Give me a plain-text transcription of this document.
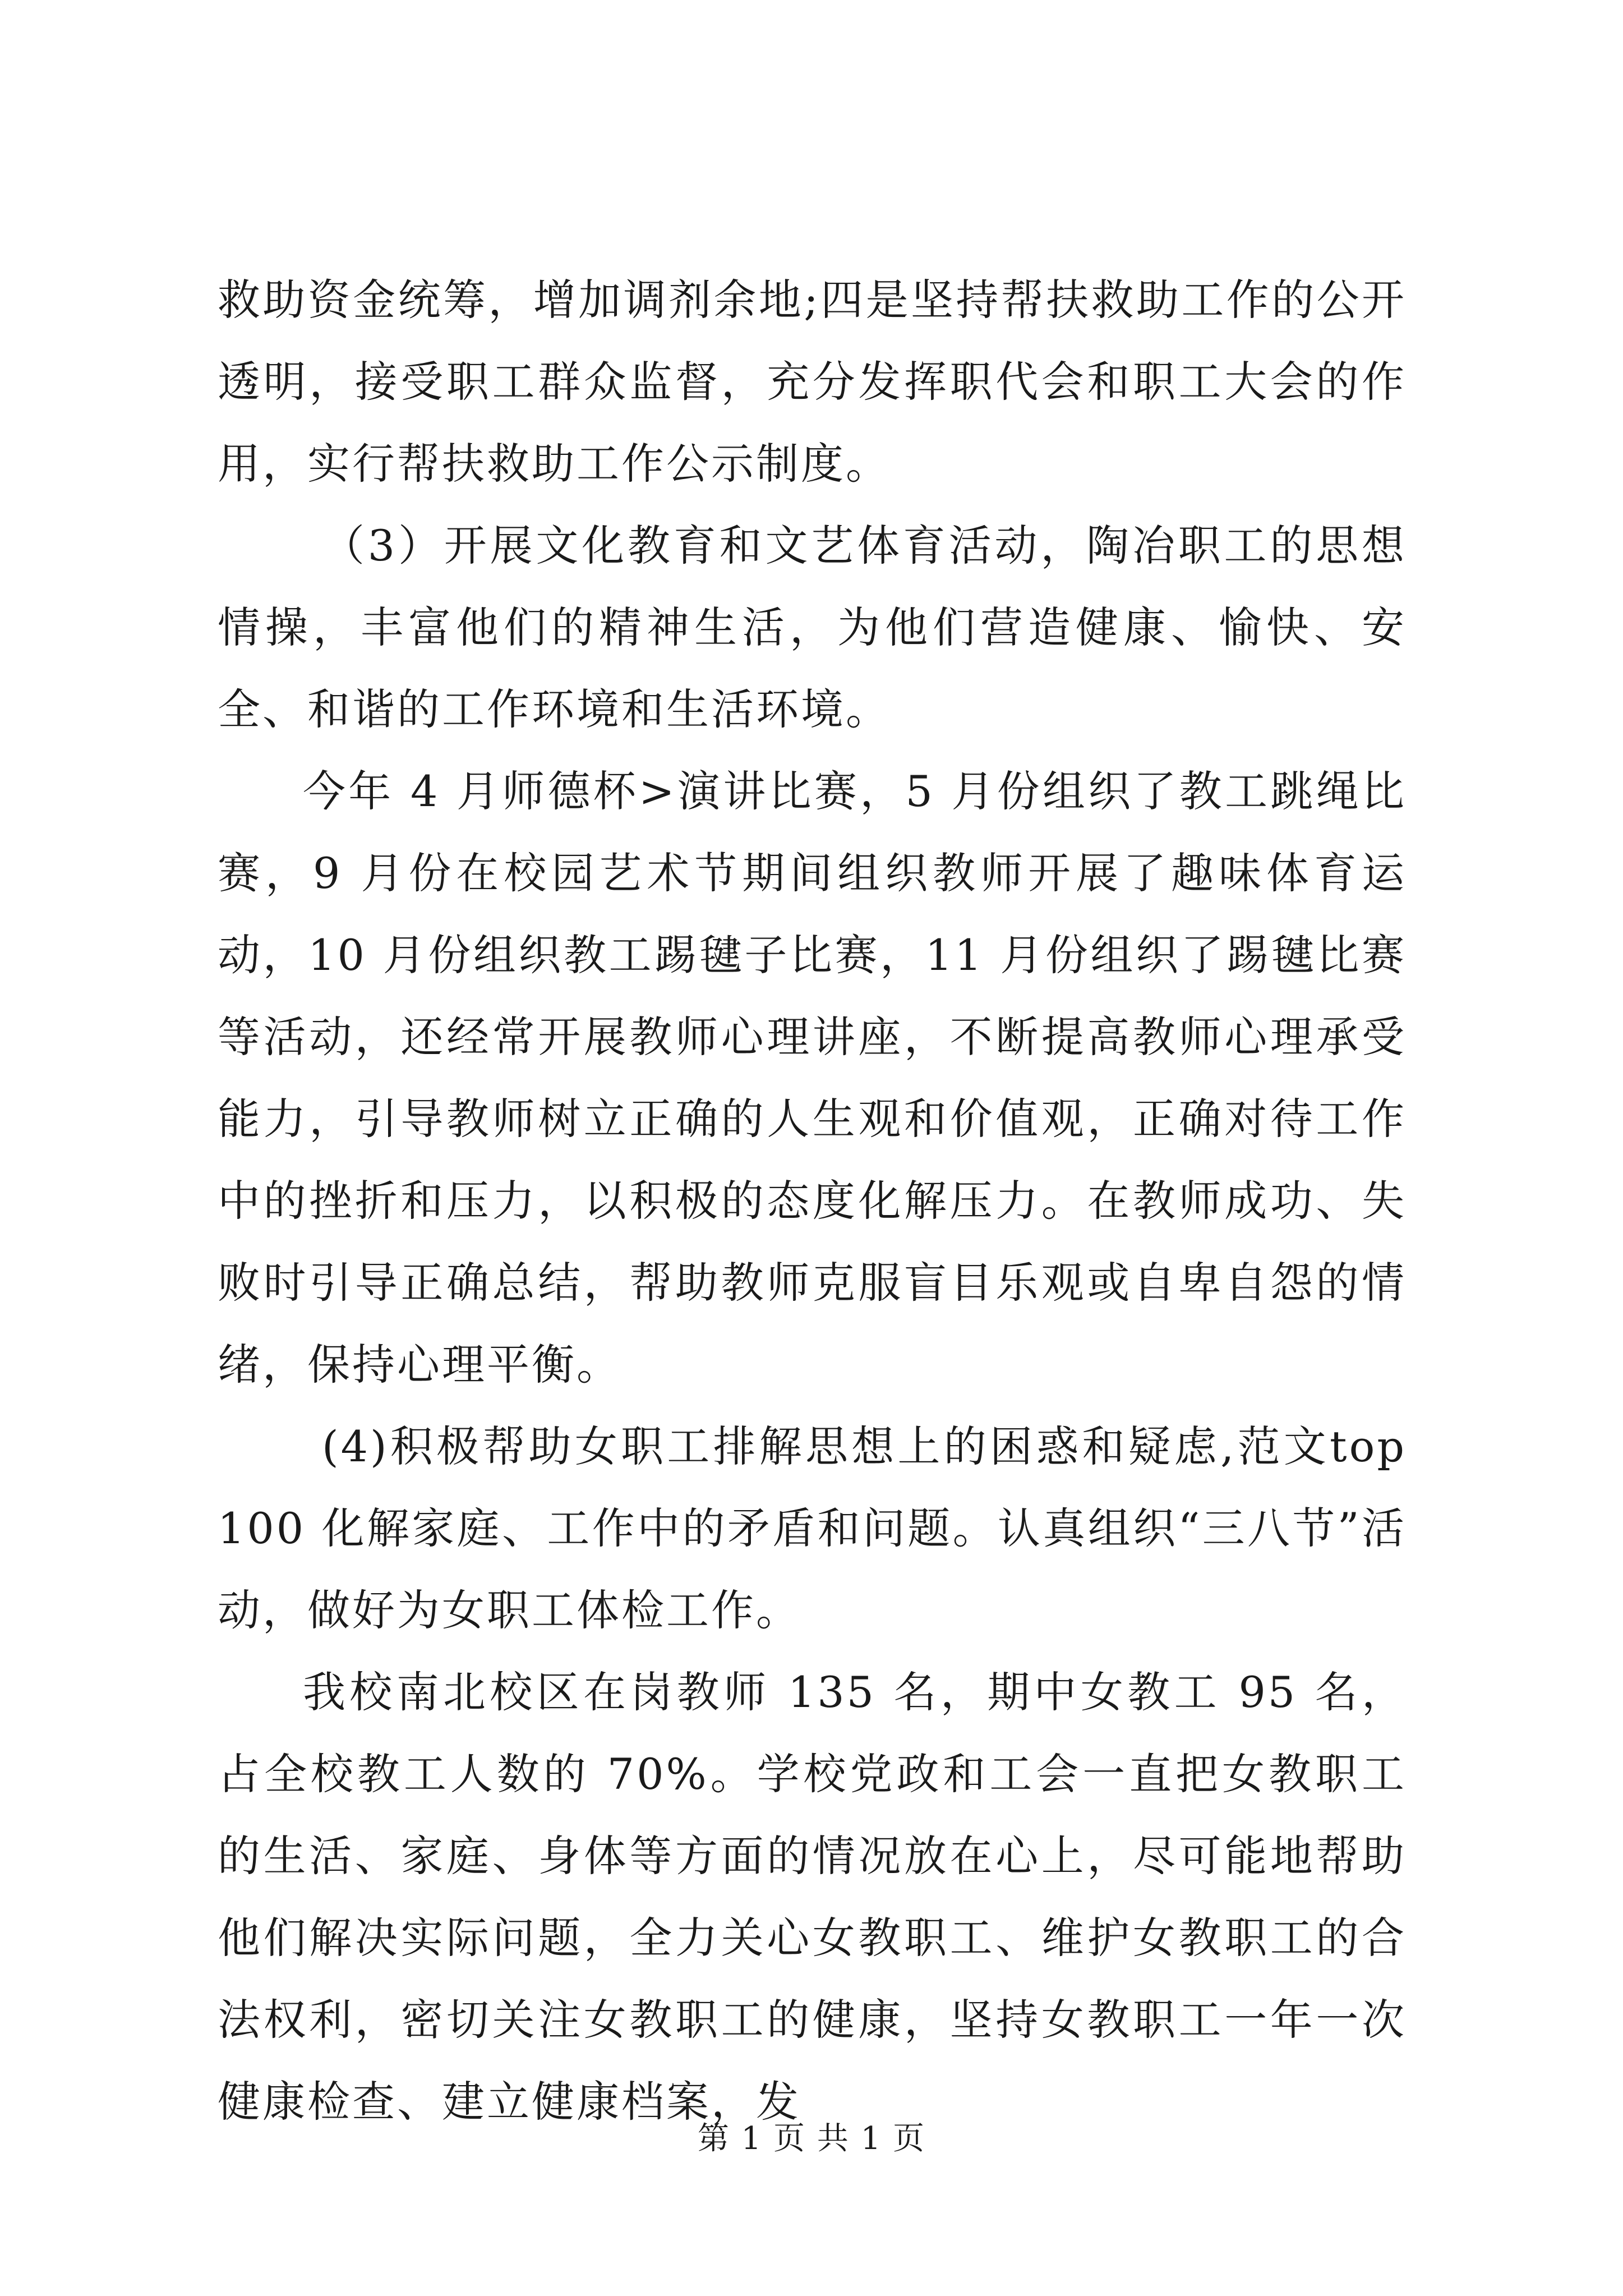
救助资金统筹，增加调剂余地;四是坚持帮扶救助工作的公开透明，接受职工群众监督，充分发挥职代会和职工大会的作用，实行帮扶救助工作公示制度。

（3）开展文化教育和文艺体育活动，陶冶职工的思想情操，丰富他们的精神生活，为他们营造健康、愉快、安全、和谐的工作环境和生活环境。

今年 4 月师德杯>演讲比赛，5 月份组织了教工跳绳比赛，9 月份在校园艺术节期间组织教师开展了趣味体育运动，10 月份组织教工踢毽子比赛，11 月份组织了踢毽比赛等活动，还经常开展教师心理讲座，不断提高教师心理承受能力，引导教师树立正确的人生观和价值观，正确对待工作中的挫折和压力，以积极的态度化解压力。在教师成功、失败时引导正确总结，帮助教师克服盲目乐观或自卑自怨的情绪，保持心理平衡。

(4)积极帮助女职工排解思想上的困惑和疑虑,范文top100 化解家庭、工作中的矛盾和问题。认真组织“三八节”活动，做好为女职工体检工作。

我校南北校区在岗教师 135 名，期中女教工 95 名，占全校教工人数的 70%。学校党政和工会一直把女教职工的生活、家庭、身体等方面的情况放在心上，尽可能地帮助他们解决实际问题，全力关心女教职工、维护女教职工的合法权利，密切关注女教职工的健康，坚持女教职工一年一次健康检查、建立健康档案，发

第 1 页 共 1 页
